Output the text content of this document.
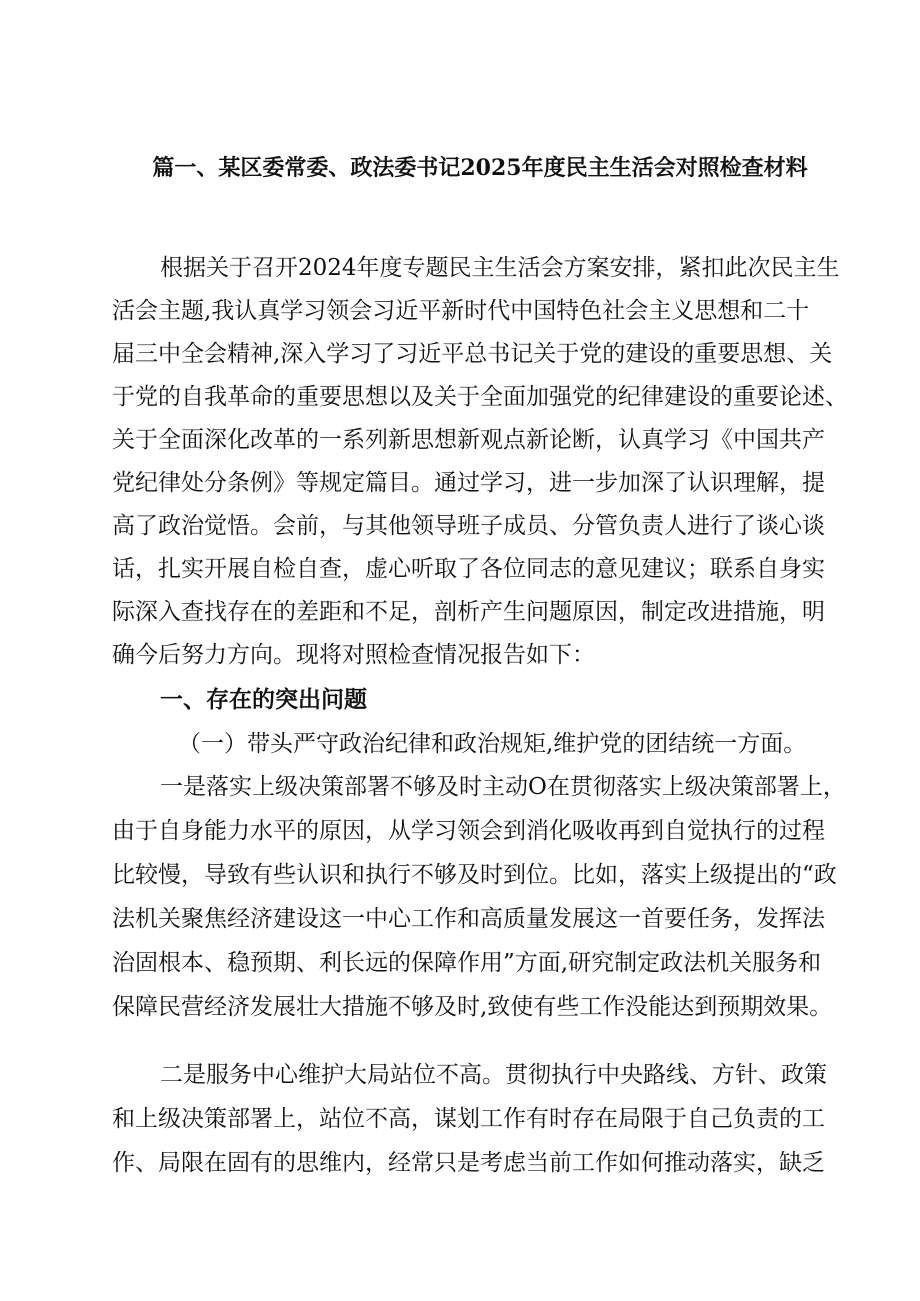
篇一、某区委常委、政法委书记2025年度民主生活会对照检查材料
根据关于召开2024年度专题民主生活会方案安排，紧扣此次民主生
活会主题,我认真学习领会习近平新时代中国特色社会主义思想和二十
届三中全会精神,深入学习了习近平总书记关于党的建设的重要思想、关
于党的自我革命的重要思想以及关于全面加强党的纪律建设的重要论述、
关于全面深化改革的一系列新思想新观点新论断，认真学习《中国共产
党纪律处分条例》等规定篇目。通过学习，进一步加深了认识理解，提
高了政治觉悟。会前，与其他领导班子成员、分管负责人进行了谈心谈
话，扎实开展自检自查，虚心听取了各位同志的意见建议；联系自身实
际深入查找存在的差距和不足，剖析产生问题原因，制定改进措施，明
确今后努力方向。现将对照检查情况报告如下：
一、存在的突出问题
（一）带头严守政治纪律和政治规矩,维护党的团结统一方面。
一是落实上级决策部署不够及时主动O在贯彻落实上级决策部署上，
由于自身能力水平的原因，从学习领会到消化吸收再到自觉执行的过程
比较慢，导致有些认识和执行不够及时到位。比如，落实上级提出的“政
法机关聚焦经济建设这一中心工作和高质量发展这一首要任务，发挥法
治固根本、稳预期、利长远的保障作用”方面,研究制定政法机关服务和
保障民营经济发展壮大措施不够及时,致使有些工作没能达到预期效果。
二是服务中心维护大局站位不高。贯彻执行中央路线、方针、政策
和上级决策部署上，站位不高，谋划工作有时存在局限于自己负责的工
作、局限在固有的思维内，经常只是考虑当前工作如何推动落实，缺乏
